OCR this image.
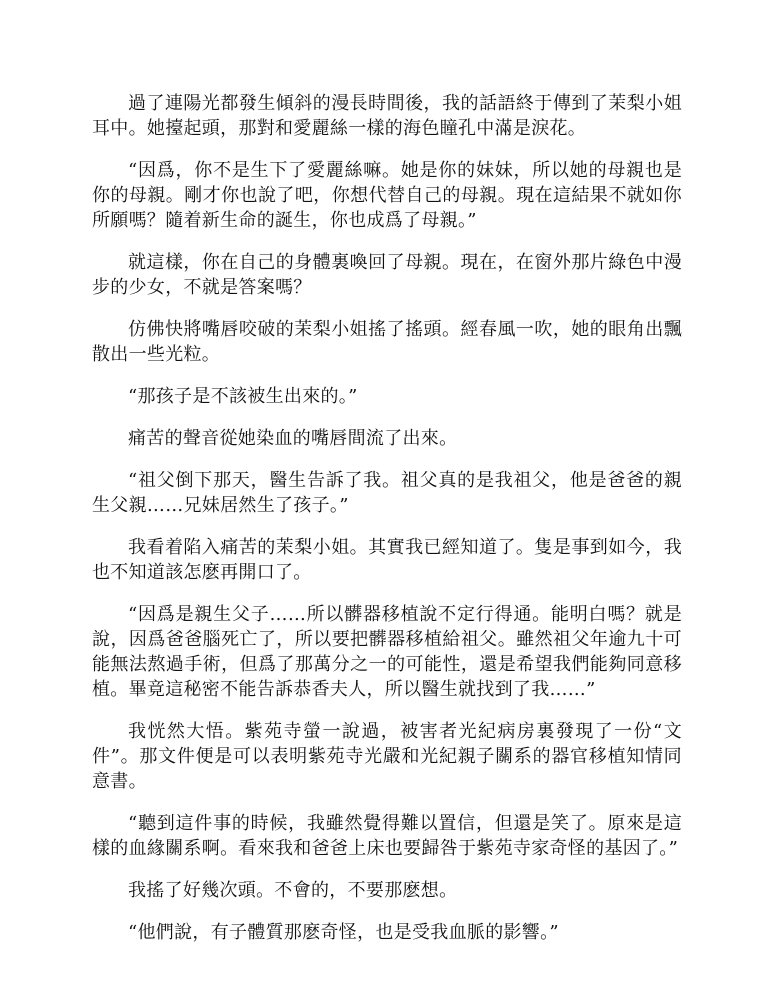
過了連陽光都發生傾斜的漫長時間後，我的話語終于傳到了茉梨小姐耳中。她擡起頭，那對和愛麗絲一樣的海色瞳孔中滿是淚花。

“因爲，你不是生下了愛麗絲嘛。她是你的妹妹，所以她的母親也是你的母親。剛才你也說了吧，你想代替自己的母親。現在這結果不就如你所願嗎？隨着新生命的誕生，你也成爲了母親。”

就這樣，你在自己的身體裏喚回了母親。現在，在窗外那片綠色中漫步的少女，不就是答案嗎？

仿佛快將嘴唇咬破的茉梨小姐搖了搖頭。經春風一吹，她的眼角出飄散出一些光粒。

“那孩子是不該被生出來的。”

痛苦的聲音從她染血的嘴唇間流了出來。

“祖父倒下那天，醫生告訴了我。祖父真的是我祖父，他是爸爸的親生父親……兄妹居然生了孩子。”

我看着陷入痛苦的茉梨小姐。其實我已經知道了。隻是事到如今，我也不知道該怎麽再開口了。

“因爲是親生父子……所以髒器移植說不定行得通。能明白嗎？就是說，因爲爸爸腦死亡了，所以要把髒器移植給祖父。雖然祖父年逾九十可能無法熬過手術，但爲了那萬分之一的可能性，還是希望我們能夠同意移植。畢竟這秘密不能告訴恭香夫人，所以醫生就找到了我……”

我恍然大悟。紫苑寺螢一說過，被害者光紀病房裏發現了一份“文件”。那文件便是可以表明紫苑寺光嚴和光紀親子關系的器官移植知情同意書。

“聽到這件事的時候，我雖然覺得難以置信，但還是笑了。原來是這樣的血緣關系啊。看來我和爸爸上床也要歸咎于紫苑寺家奇怪的基因了。”

我搖了好幾次頭。不會的，不要那麽想。

“他們說，有子體質那麽奇怪，也是受我血脈的影響。”
